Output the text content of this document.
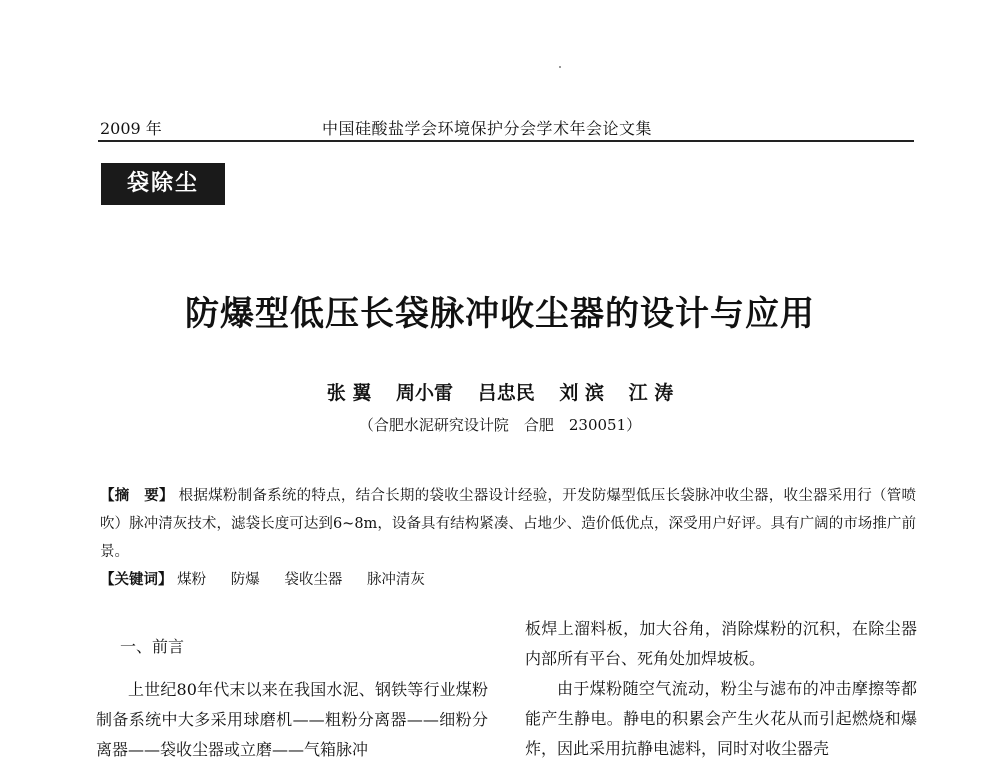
2009 年	中国硅酸盐学会环境保护分会学术年会论文集
袋除尘
防爆型低压长袋脉冲收尘器的设计与应用
张 翼 周小雷 吕忠民 刘 滨 江 涛
（合肥水泥研究设计院　合肥　230051）
【摘　要】 根据煤粉制备系统的特点，结合长期的袋收尘器设计经验，开发防爆型低压长袋脉冲收尘器，收尘器采用行（管喷吹）脉冲清灰技术，滤袋长度可达到6~8m，设备具有结构紧凑、占地少、造价低优点，深受用户好评。具有广阔的市场推广前景。
【关键词】 煤粉 防爆 袋收尘器 脉冲清灰
一、前言

上世纪80年代末以来在我国水泥、钢铁等行业煤粉制备系统中大多采用球磨机——粗粉分离器——细粉分离器——袋收尘器或立磨——气箱脉冲

板焊上溜料板，加大谷角，消除煤粉的沉积，在除尘器内部所有平台、死角处加焊坡板。

由于煤粉随空气流动，粉尘与滤布的冲击摩擦等都能产生静电。静电的积累会产生火花从而引起燃烧和爆炸，因此采用抗静电滤料，同时对收尘器壳
